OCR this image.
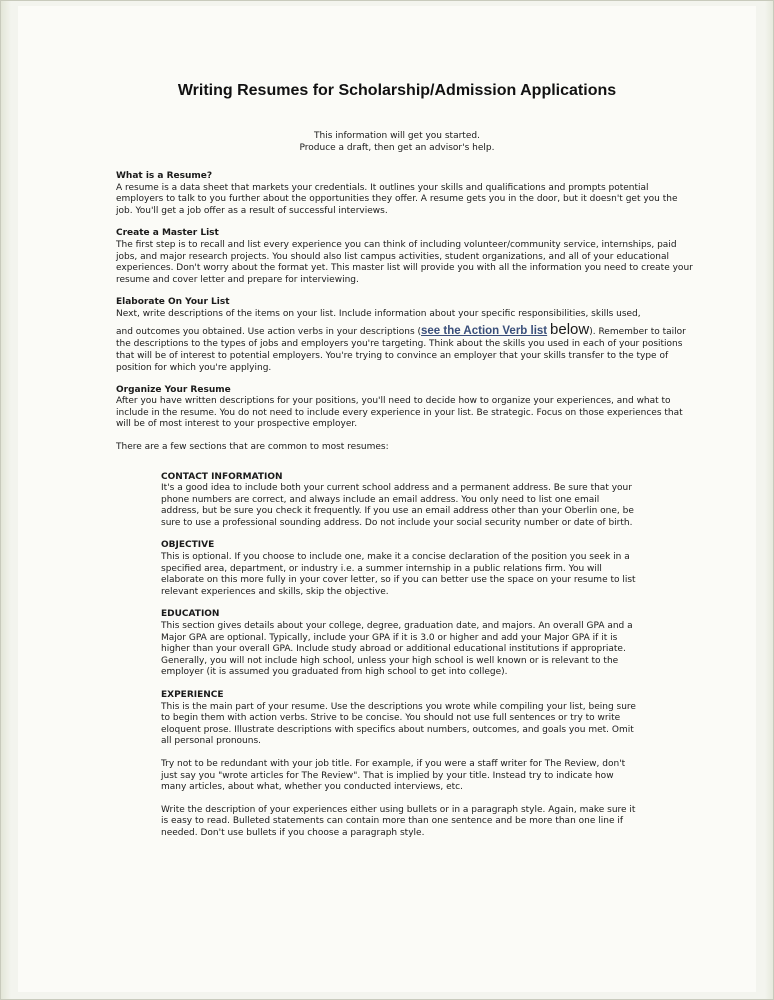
Writing Resumes for Scholarship/Admission Applications
This information will get you started.
Produce a draft, then get an advisor's help.
What is a Resume?

A resume is a data sheet that markets your credentials. It outlines your skills and qualifications and prompts potential employers to talk to you further about the opportunities they offer. A resume gets you in the door, but it doesn't get you the job. You'll get a job offer as a result of successful interviews.

Create a Master List

The first step is to recall and list every experience you can think of including volunteer/community service, internships, paid jobs, and major research projects. You should also list campus activities, student organizations, and all of your educational experiences. Don't worry about the format yet. This master list will provide you with all the information you need to create your resume and cover letter and prepare for interviewing.

Elaborate On Your List

Next, write descriptions of the items on your list. Include information about your specific responsibilities, skills used,

and outcomes you obtained. Use action verbs in your descriptions (see the Action Verb list below). Remember to tailor the descriptions to the types of jobs and employers you're targeting. Think about the skills you used in each of your positions that will be of interest to potential employers. You're trying to convince an employer that your skills transfer to the type of position for which you're applying.

Organize Your Resume

After you have written descriptions for your positions, you'll need to decide how to organize your experiences, and what to include in the resume. You do not need to include every experience in your list. Be strategic. Focus on those experiences that will be of most interest to your prospective employer.

There are a few sections that are common to most resumes:

CONTACT INFORMATION

It's a good idea to include both your current school address and a permanent address. Be sure that your phone numbers are correct, and always include an email address. You only need to list one email address, but be sure you check it frequently. If you use an email address other than your Oberlin one, be sure to use a professional sounding address. Do not include your social security number or date of birth.

OBJECTIVE

This is optional. If you choose to include one, make it a concise declaration of the position you seek in a specified area, department, or industry i.e. a summer internship in a public relations firm. You will elaborate on this more fully in your cover letter, so if you can better use the space on your resume to list relevant experiences and skills, skip the objective.

EDUCATION

This section gives details about your college, degree, graduation date, and majors. An overall GPA and a Major GPA are optional. Typically, include your GPA if it is 3.0 or higher and add your Major GPA if it is higher than your overall GPA. Include study abroad or additional educational institutions if appropriate. Generally, you will not include high school, unless your high school is well known or is relevant to the employer (it is assumed you graduated from high school to get into college).

EXPERIENCE

This is the main part of your resume. Use the descriptions you wrote while compiling your list, being sure to begin them with action verbs. Strive to be concise. You should not use full sentences or try to write eloquent prose. Illustrate descriptions with specifics about numbers, outcomes, and goals you met. Omit all personal pronouns.

Try not to be redundant with your job title. For example, if you were a staff writer for The Review, don't just say you "wrote articles for The Review". That is implied by your title. Instead try to indicate how many articles, about what, whether you conducted interviews, etc.

Write the description of your experiences either using bullets or in a paragraph style. Again, make sure it is easy to read. Bulleted statements can contain more than one sentence and be more than one line if needed. Don't use bullets if you choose a paragraph style.
